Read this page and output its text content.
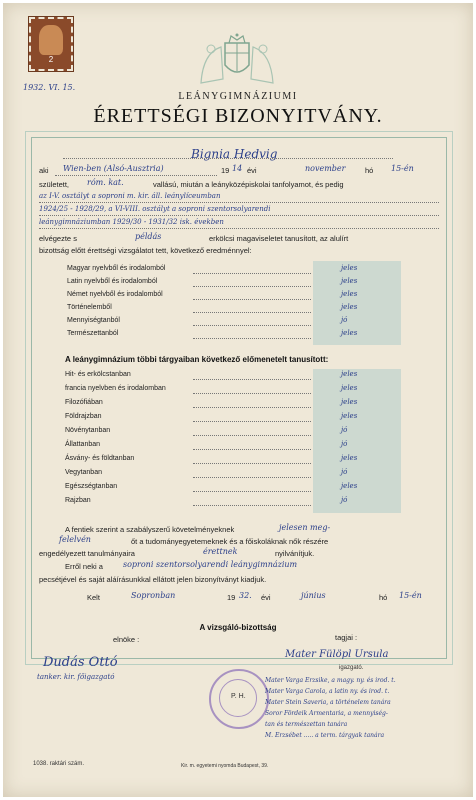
2
1932. VI. 15.
LEÁNYGIMNÁZIUMI
ÉRETTSÉGI BIZONYITVÁNY.
Bignia Hedvig
aki Wien-ben (Alsó-Ausztria)	19 14 évi	november	hó 15-én
született, róm. kat.	vallású, miután a leányközépiskolai tanfolyamot, és pedig
az I-V. osztályt a soproni m. kir. áll. leánylíceumban
1924/25 - 1928/29, a VI-VIII. osztályt a soproni szentorsolyarendi
leánygimnáziumban 1929/30 - 1931/32 isk. években
elvégezte s	példás	erkölcsi magaviseletet tanusított, az alulírt
bizottság előtt érettségi vizsgálatot tett, következő eredménnyel:
Magyar nyelvből és irodalomból	jeles
Latin nyelvből és irodalomból	jeles
Német nyelvből és irodalomból	jeles
Történelemből	jeles
Mennyiségtanból	jó
Természettanból	jeles
A leánygimnázium többi tárgyaiban következő előmenetelt tanusított:
Hit- és erkölcstanban	jeles
francia nyelvben és irodalomban	jeles
Filozófiában	jeles
Földrajzban	jeles
Növénytanban	jó
Állattanban	jó
Ásvány- és földtanban	jeles
Vegytanban	jó
Egészségtanban	jeles
Rajzban	jó
A fentiek szerint a szabályszerű követelményeknek	jelesen meg-
felelvén	őt a tudományegyetemeknek és a főiskoláknak nők részére
engedélyezett tanulmányaira	érettnek	nyilvánítjuk.
Erről neki a	soproni szentorsolyarendi leánygimnázium
pecsétjével és saját aláírásunkkal ellátott jelen bizonyítványt kiadjuk.
Kelt	Sopronban	19 32. évi	június	hó 15-én
A vizsgáló-bizottság
elnöke :	tagjai :
Dudás Ottó
tanker. kir. főigazgató
Mater Fülöpl Ursula
igazgató.
P. H.
Mater Varga Erzsike, a magy. ny. és irod. t.
Mater Varga Carola, a latin ny. és irod. t.
Mater Stein Saveria, a történelem tanára
Soror Fördeik Armentaria, a mennyiség-
tan és természettan tanára
M. Erzsébet ..... a term. tárgyak tanára
1038. raktári szám.	Kir. m. egyetemi nyomda Budapest, 39.
